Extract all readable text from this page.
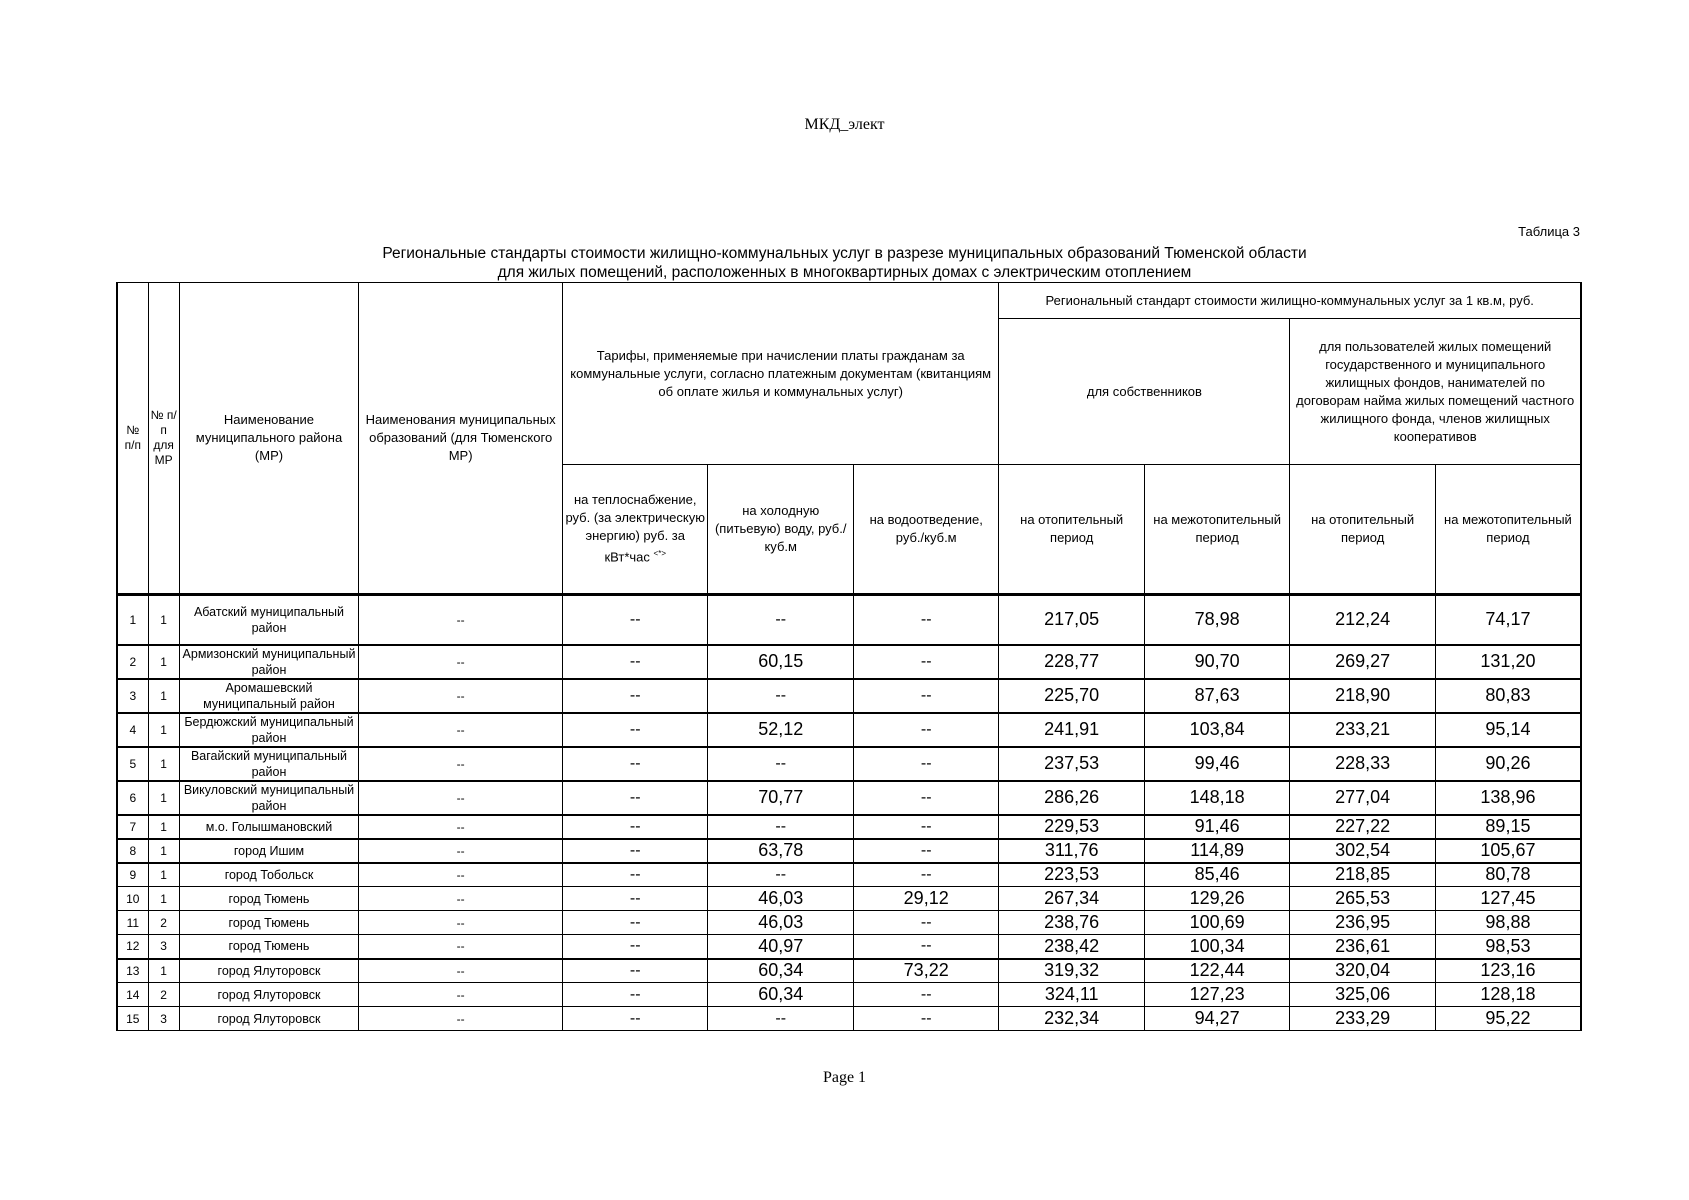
МКД_элект
Таблица 3
Региональные стандарты стоимости жилищно-коммунальных услуг в разрезе муниципальных образований Тюменской области
для жилых помещений, расположенных в многоквартирных домах с электрическим отоплением
№ п/п	№ п/п для МР	Наименование муниципального района (МР)	Наименования муниципальных образований (для Тюменского МР)	Тарифы, применяемые при начислении платы гражданам за коммунальные услуги, согласно платежным документам (квитанциям об оплате жилья и коммунальных услуг)			Региональный стандарт стоимости жилищно-коммунальных услуг за 1 кв.м, руб.			
							для собственников		для пользователей жилых помещений государственного и муниципального жилищных фондов, нанимателей по договорам найма жилых помещений частного жилищного фонда, членов жилищных кооперативов	
				на теплоснабжение, руб. (за электрическую энергию) руб. за кВт*час <*>	на холодную (питьевую) воду, руб./куб.м	на водоотведение, руб./куб.м	на отопительный период	на межотопительный период	на отопительный период	на межотопительный период
1	1	Абатский муниципальный район	--	--	--	--	217,05	78,98	212,24	74,17
2	1	Армизонский муниципальный район	--	--	60,15	--	228,77	90,70	269,27	131,20
3	1	Аромашевский муниципальный район	--	--	--	--	225,70	87,63	218,90	80,83
4	1	Бердюжский муниципальный район	--	--	52,12	--	241,91	103,84	233,21	95,14
5	1	Вагайский муниципальный район	--	--	--	--	237,53	99,46	228,33	90,26
6	1	Викуловский муниципальный район	--	--	70,77	--	286,26	148,18	277,04	138,96
7	1	м.о. Голышмановский	--	--	--	--	229,53	91,46	227,22	89,15
8	1	город Ишим	--	--	63,78	--	311,76	114,89	302,54	105,67
9	1	город Тобольск	--	--	--	--	223,53	85,46	218,85	80,78
10	1	город Тюмень	--	--	46,03	29,12	267,34	129,26	265,53	127,45
11	2	город Тюмень	--	--	46,03	--	238,76	100,69	236,95	98,88
12	3	город Тюмень	--	--	40,97	--	238,42	100,34	236,61	98,53
13	1	город Ялуторовск	--	--	60,34	73,22	319,32	122,44	320,04	123,16
14	2	город Ялуторовск	--	--	60,34	--	324,11	127,23	325,06	128,18
15	3	город Ялуторовск	--	--	--	--	232,34	94,27	233,29	95,22
Page 1
